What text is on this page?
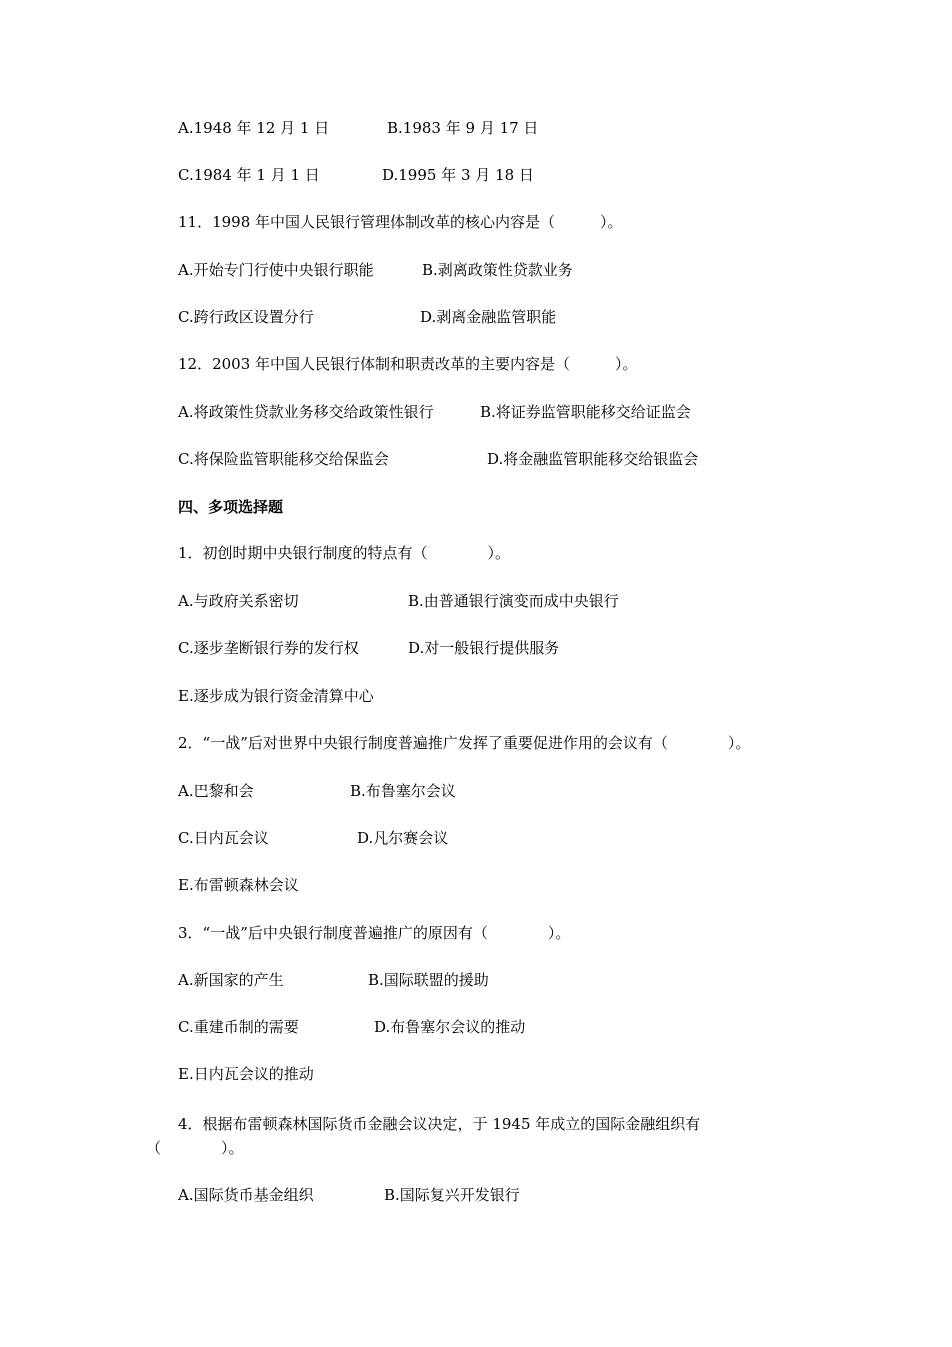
A.1948 年 12 月 1 日

	B.1983 年 9 月 17 日

C.1984 年 1 月 1 日

	D.1995 年 3 月 18 日

11．1998 年中国人民银行管理体制改革的核心内容是（　　　）。

A.开始专门行使中央银行职能

	B.剥离政策性贷款业务

C.跨行政区设置分行

	D.剥离金融监管职能

12．2003 年中国人民银行体制和职责改革的主要内容是（　　　）。

A.将政策性贷款业务移交给政策性银行

	B.将证券监管职能移交给证监会

C.将保险监管职能移交给保监会

	D.将金融监管职能移交给银监会

四、多项选择题
1．初创时期中央银行制度的特点有（　　　　）。

A.与政府关系密切

	B.由普通银行演变而成中央银行

C.逐步垄断银行券的发行权

	D.对一般银行提供服务

E.逐步成为银行资金清算中心
2．“一战”后对世界中央银行制度普遍推广发挥了重要促进作用的会议有（　　　　）。

A.巴黎和会

	B.布鲁塞尔会议

C.日内瓦会议

	D.凡尔赛会议

E.布雷顿森林会议
3．“一战”后中央银行制度普遍推广的原因有（　　　　）。

A.新国家的产生

	B.国际联盟的援助

C.重建币制的需要

	D.布鲁塞尔会议的推动

E.日内瓦会议的推动
4．根据布雷顿森林国际货币金融会议决定，于 1945 年成立的国际金融组织有
（　　　　）。

A.国际货币基金组织

	B.国际复兴开发银行
